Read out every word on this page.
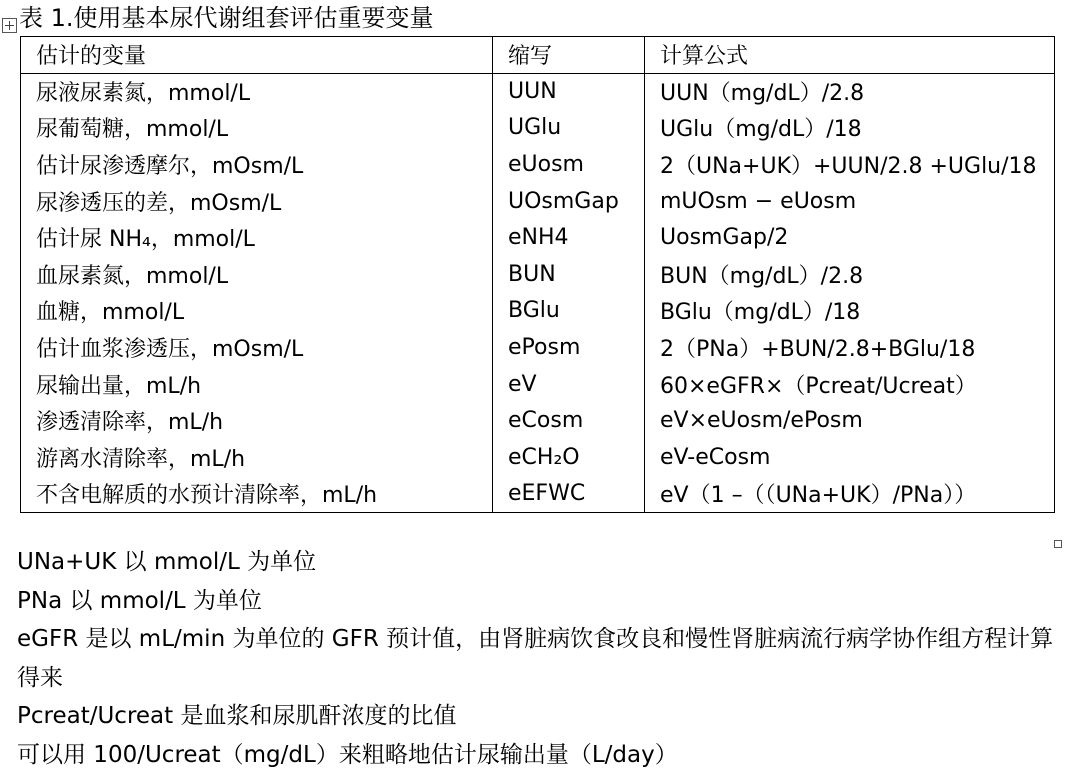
表 1.使用基本尿代谢组套评估重要变量
估计的变量	缩写	计算公式
尿液尿素氮，mmol/L	UUN	UUN（mg/dL）/2.8
尿葡萄糖，mmol/L	UGlu	UGlu（mg/dL）/18
估计尿渗透摩尔，mOsm/L	eUosm	2（UNa+UK）+UUN/2.8 +UGlu/18
尿渗透压的差，mOsm/L	UOsmGap	mUOsm − eUosm
估计尿 NH₄，mmol/L	eNH4	UosmGap/2
血尿素氮，mmol/L	BUN	BUN（mg/dL）/2.8
血糖，mmol/L	BGlu	BGlu（mg/dL）/18
估计血浆渗透压，mOsm/L	ePosm	2（PNa）+BUN/2.8+BGlu/18
尿输出量，mL/h	eV	60×eGFR×（Pcreat/Ucreat）
渗透清除率，mL/h	eCosm	eV×eUosm/ePosm
游离水清除率，mL/h	eCH₂O	eV-eCosm
不含电解质的水预计清除率，mL/h	eEFWC	eV（1 –（（UNa+UK）/PNa））

UNa+UK 以 mmol/L 为单位

PNa 以 mmol/L 为单位

eGFR 是以 mL/min 为单位的 GFR 预计值，由肾脏病饮食改良和慢性肾脏病流行病学协作组方程计算得来

Pcreat/Ucreat 是血浆和尿肌酐浓度的比值

可以用 100/Ucreat（mg/dL）来粗略地估计尿输出量（L/day）
